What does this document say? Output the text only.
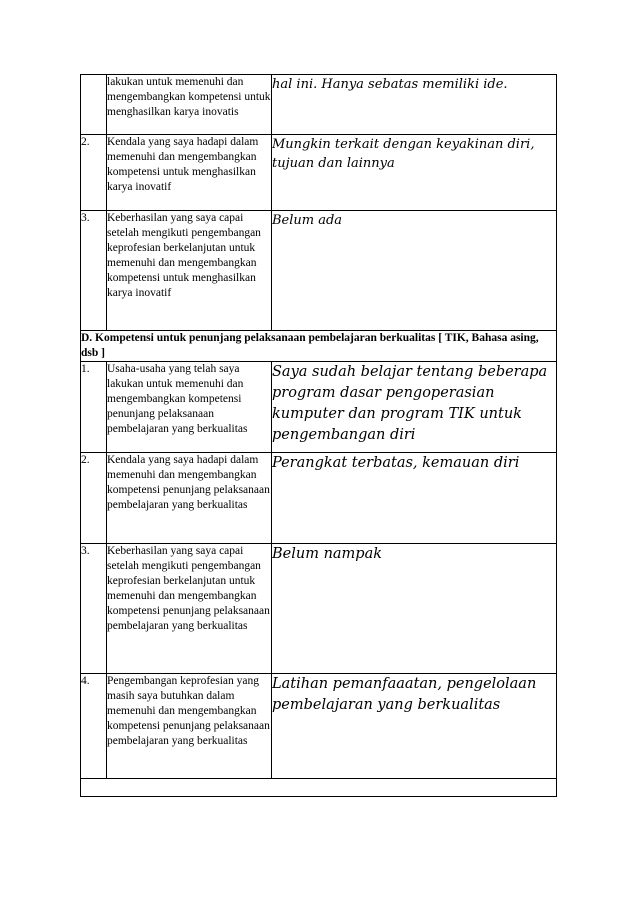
	lakukan untuk memenuhi dan mengembangkan kompetensi untuk menghasilkan karya inovatis	hal ini. Hanya sebatas memiliki ide.
2.	Kendala yang saya hadapi dalam memenuhi dan mengembangkan kompetensi untuk menghasilkan karya inovatif	Mungkin terkait dengan keyakinan diri, tujuan dan lainnya
3.	Keberhasilan yang saya capai setelah mengikuti pengembangan keprofesian berkelanjutan untuk memenuhi dan mengembangkan kompetensi untuk menghasilkan karya inovatif	Belum ada
D. Kompetensi untuk penunjang pelaksanaan pembelajaran berkualitas [ TIK, Bahasa asing, dsb ]		
1.	Usaha-usaha yang telah saya lakukan untuk memenuhi dan mengembangkan kompetensi penunjang pelaksanaan pembelajaran yang berkualitas	Saya sudah belajar tentang beberapa program dasar pengoperasian kumputer dan program TIK untuk pengembangan diri
2.	Kendala yang saya hadapi dalam memenuhi dan mengembangkan kompetensi penunjang pelaksanaan pembelajaran yang berkualitas	Perangkat terbatas, kemauan diri
3.	Keberhasilan yang saya capai setelah mengikuti pengembangan keprofesian berkelanjutan untuk memenuhi dan mengembangkan kompetensi penunjang pelaksanaan pembelajaran yang berkualitas	Belum nampak
4.	Pengembangan keprofesian yang masih saya butuhkan dalam memenuhi dan mengembangkan kompetensi penunjang pelaksanaan pembelajaran yang berkualitas	Latihan pemanfaaatan, pengelolaan pembelajaran yang berkualitas
